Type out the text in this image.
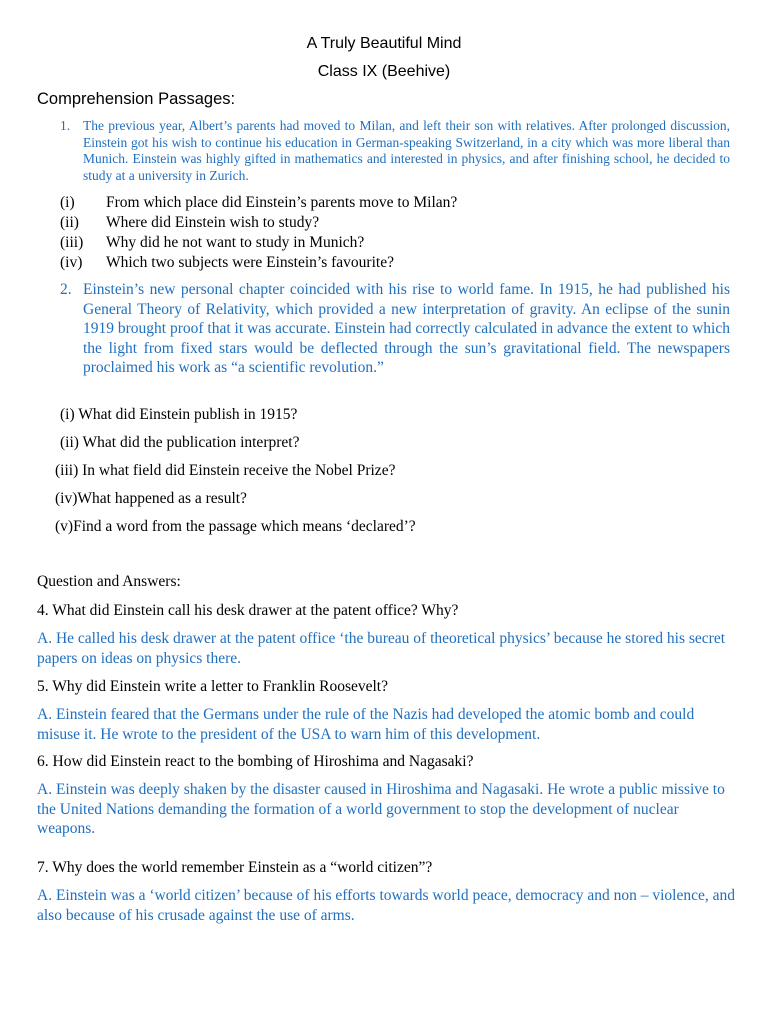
A Truly Beautiful Mind
Class IX (Beehive)
Comprehension Passages:
1. The previous year, Albert’s parents had moved to Milan, and left their son with relatives. After prolonged discussion, Einstein got his wish to continue his education in German-speaking Switzerland, in a city which was more liberal than Munich. Einstein was highly gifted in mathematics and interested in physics, and after finishing school, he decided to study at a university in Zurich.
(i)	From which place did Einstein’s parents move to Milan?
(ii)	Where did Einstein wish to study?
(iii)	Why did he not want to study in Munich?
(iv)	Which two subjects were Einstein’s favourite?
2. Einstein’s new personal chapter coincided with his rise to world fame. In 1915, he had published his General Theory of Relativity, which provided a new interpretation of gravity. An eclipse of the sunin 1919 brought proof that it was accurate. Einstein had correctly calculated in advance the extent to which the light from fixed stars would be deflected through the sun’s gravitational field. The newspapers proclaimed his work as “a scientific revolution.”
(i) What did Einstein publish in 1915?
(ii) What did the publication interpret?
(iii) In what field did Einstein receive the Nobel Prize?
(iv)What happened as a result?
(v)Find a word from the passage which means ‘declared’?
Question and Answers:
4. What did Einstein call his desk drawer at the patent office? Why?
A. He called his desk drawer at the patent office ‘the bureau of theoretical physics’ because he stored his secret papers on ideas on physics there.
5. Why did Einstein write a letter to Franklin Roosevelt?
A. Einstein feared that the Germans under the rule of the Nazis had developed the atomic bomb and could misuse it. He wrote to the president of the USA to warn him of this development.
6. How did Einstein react to the bombing of Hiroshima and Nagasaki?
A. Einstein was deeply shaken by the disaster caused in Hiroshima and Nagasaki. He wrote a public missive to the United Nations demanding the formation of a world government to stop the development of nuclear weapons.
7. Why does the world remember Einstein as a “world citizen”?
A. Einstein was a ‘world citizen’ because of his efforts towards world peace, democracy and non – violence, and also because of his crusade against the use of arms.
